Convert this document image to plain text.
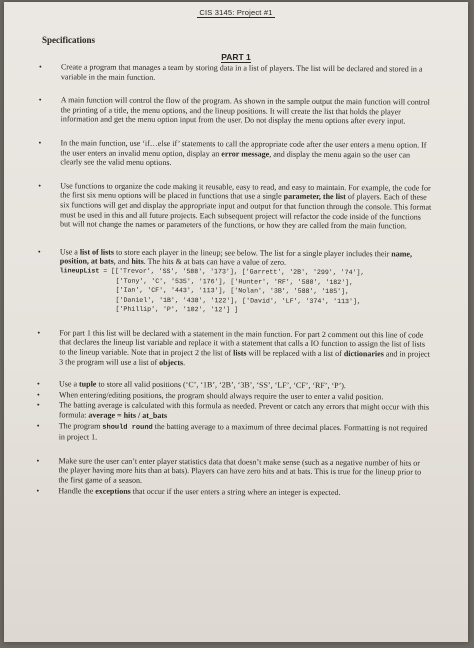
CIS 3145: Project #1
Specifications
PART 1
• Create a program that manages a team by storing data in a list of players. The list will be declared and stored in a variable in the main function.
• A main function will control the flow of the program. As shown in the sample output the main function will control the printing of a title, the menu options, and the lineup positions. It will create the list that holds the player information and get the menu option input from the user. Do not display the menu options after every input.
• In the main function, use ‘if…else if’ statements to call the appropriate code after the user enters a menu option. If the user enters an invalid menu option, display an error message, and display the menu again so the user can clearly see the valid menu options.
• Use functions to organize the code making it reusable, easy to read, and easy to maintain. For example, the code for the first six menu options will be placed in functions that use a single parameter, the list of players. Each of these six functions will get and display the appropriate input and output for that function through the console. This format must be used in this and all future projects. Each subsequent project will refactor the code inside of the functions but will not change the names or parameters of the functions, or how they are called from the main function.
• Use a list of lists to store each player in the lineup; see below. The list for a single player includes their name, position, at bats, and hits. The hits & at bats can have a value of zero.
lineupList = [['Trevor', 'SS', '588', '173'], ['Garrett', '2B', '299', '74'],
['Tony', 'C', '535', '176'], ['Hunter', 'RF', '580', '182'],
['Ian', 'CF', '443', '113'], ['Nolan', '3B', '588', '185'],
['Daniel', '1B', '438', '122'], ['David', 'LF', '374', '113'],
['Phillip', 'P', '102', '12'] ]
• For part 1 this list will be declared with a statement in the main function. For part 2 comment out this line of code that declares the lineup list variable and replace it with a statement that calls a IO function to assign the list of lists to the lineup variable. Note that in project 2 the list of lists will be replaced with a list of dictionaries and in project 3 the program will use a list of objects.
• Use a tuple to store all valid positions (‘C’, ‘1B’, ‘2B’, ‘3B’, ‘SS’, ‘LF’, ‘CF’, ‘RF’, ‘P’).
• When entering/editing positions, the program should always require the user to enter a valid position.
• The batting average is calculated with this formula as needed. Prevent or catch any errors that might occur with this formula: average = hits / at_bats
• The program should round the batting average to a maximum of three decimal places. Formatting is not required in project 1.
• Make sure the user can’t enter player statistics data that doesn’t make sense (such as a negative number of hits or the player having more hits than at bats). Players can have zero hits and at bats. This is true for the lineup prior to the first game of a season.
• Handle the exceptions that occur if the user enters a string where an integer is expected.
